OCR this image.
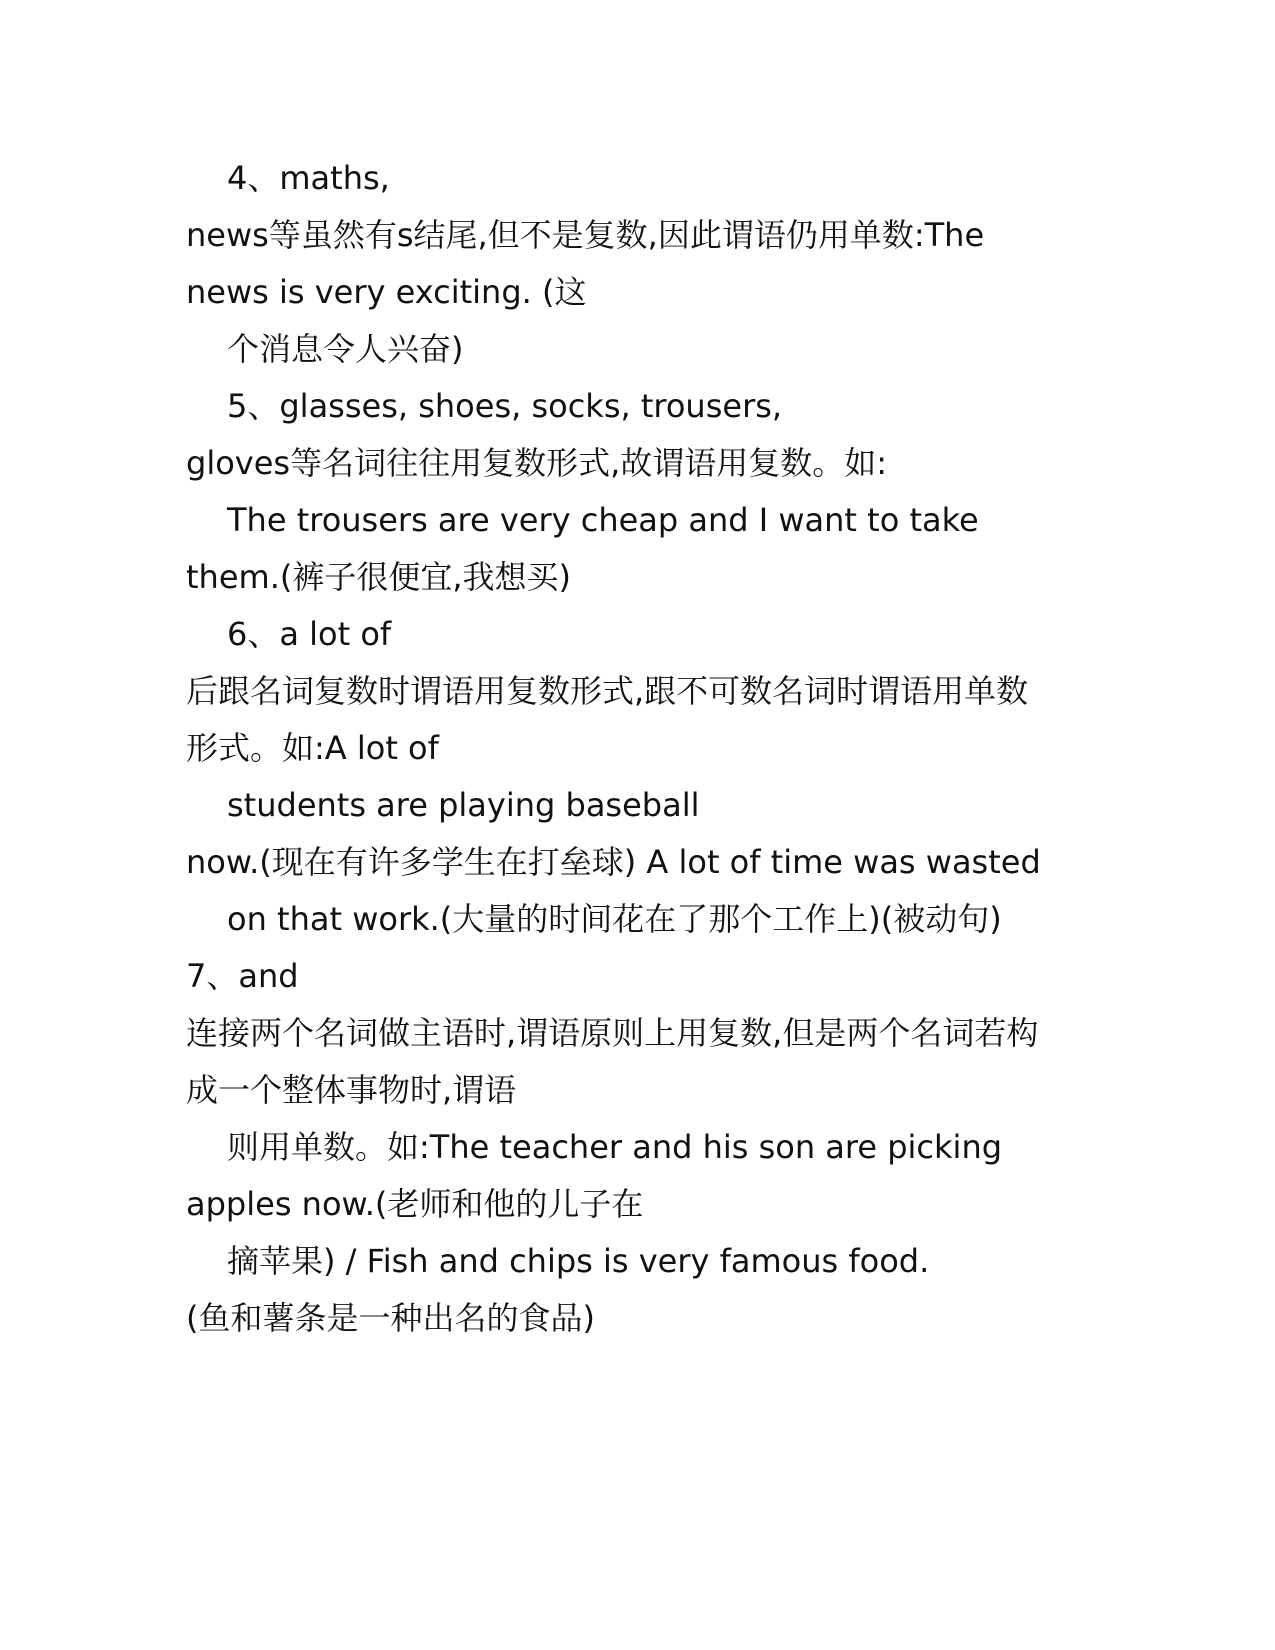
4、maths,
news等虽然有s结尾,但不是复数,因此谓语仍用单数:The
news is very exciting. (这
个消息令人兴奋)
5、glasses, shoes, socks, trousers,
gloves等名词往往用复数形式,故谓语用复数。如:
The trousers are very cheap and I want to take
them.(裤子很便宜,我想买)
6、a lot of
后跟名词复数时谓语用复数形式,跟不可数名词时谓语用单数
形式。如:A lot of
students are playing baseball
now.(现在有许多学生在打垒球) A lot of time was wasted
on that work.(大量的时间花在了那个工作上)(被动句)
7、and
连接两个名词做主语时,谓语原则上用复数,但是两个名词若构
成一个整体事物时,谓语
则用单数。如:The teacher and his son are picking
apples now.(老师和他的儿子在
摘苹果) / Fish and chips is very famous food.
(鱼和薯条是一种出名的食品)
